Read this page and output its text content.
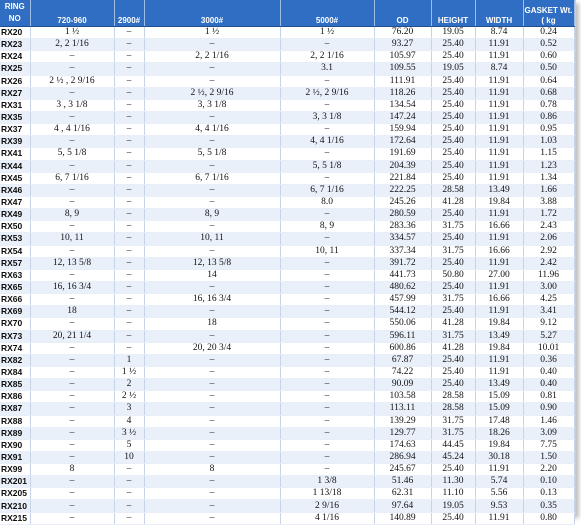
RING NO	720-960	2900#	3000#	5000#	OD	HEIGHT	WIDTH	GASKET Wt. ( kg
RX20	1 ½	–	1 ½	1 ½	76.20	19.05	8.74	0.24
RX23	2, 2 1/16	–	–	–	93.27	25.40	11.91	0.52
RX24	–	–	2, 2 1/16	2, 2 1/16	105.97	25.40	11.91	0.60
RX25	–	–	–	3.1	109.55	19.05	8.74	0.50
RX26	2 ½ , 2 9/16	–	–	–	111.91	25.40	11.91	0.64
RX27	–	–	2 ½, 2 9/16	2 ½, 2 9/16	118.26	25.40	11.91	0.68
RX31	3 , 3 1/8	–	3, 3 1/8	–	134.54	25.40	11.91	0.78
RX35	–	–	–	3, 3 1/8	147.24	25.40	11.91	0.86
RX37	4 , 4 1/16	–	4, 4 1/16	–	159.94	25.40	11.91	0.95
RX39	–	–	–	4, 4 1/16	172.64	25.40	11.91	1.03
RX41	5, 5 1/8	–	5, 5 1/8	–	191.69	25.40	11.91	1.15
RX44	–	–	–	5, 5 1/8	204.39	25.40	11.91	1.23
RX45	6, 7 1/16	–	6, 7 1/16	–	221.84	25.40	11.91	1.34
RX46	–	–	–	6, 7 1/16	222.25	28.58	13.49	1.66
RX47	–	–	–	8.0	245.26	41.28	19.84	3.88
RX49	8, 9	–	8, 9	–	280.59	25.40	11.91	1.72
RX50	–	–	–	8, 9	283.36	31.75	16.66	2.43
RX53	10, 11	–	10, 11	–	334.57	25.40	11.91	2.06
RX54	–	–	–	10, 11	337.34	31.75	16.66	2.92
RX57	12, 13 5/8	–	12, 13 5/8	–	391.72	25.40	11.91	2.42
RX63	–	–	14	–	441.73	50.80	27.00	11.96
RX65	16, 16 3/4	–	–	–	480.62	25.40	11.91	3.00
RX66	–	–	16, 16 3/4	–	457.99	31.75	16.66	4.25
RX69	18	–	–	–	544.12	25.40	11.91	3.41
RX70	–	–	18	–	550.06	41.28	19.84	9.12
RX73	20, 21 1/4	–	–	–	596.11	31.75	13.49	5.27
RX74	–	–	20, 20 3/4	–	600.86	41.28	19.84	10.01
RX82	–	1	–	–	67.87	25.40	11.91	0.36
RX84	–	1 ½	–	–	74.22	25.40	11.91	0.40
RX85	–	2	–	–	90.09	25.40	13.49	0.40
RX86	–	2 ½	–	–	103.58	28.58	15.09	0.81
RX87	–	3	–	–	113.11	28.58	15.09	0.90
RX88	–	4	–	–	139.29	31.75	17.48	1.46
RX89	–	3 ½	–	–	129.77	31.75	18.26	3.09
RX90	–	5	–	–	174.63	44.45	19.84	7.75
RX91	–	10	–	–	286.94	45.24	30.18	1.50
RX99	8	–	8	–	245.67	25.40	11.91	2.20
RX201	–	–	–	1 3/8	51.46	11.30	5.74	0.10
RX205	–	–	–	1 13/18	62.31	11.10	5.56	0.13
RX210	–	–	–	2 9/16	97.64	19.05	9.53	0.35
RX215	–	–	–	4 1/16	140.89	25.40	11.91	0.80
